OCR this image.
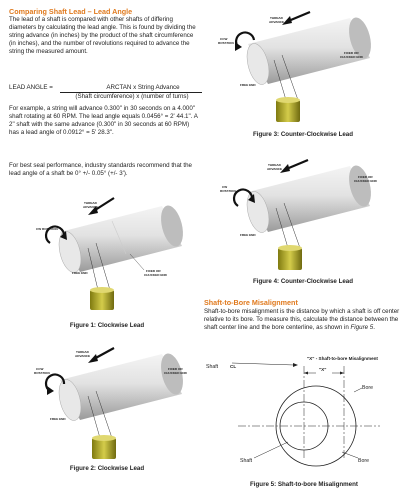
Comparing Shaft Lead – Lead Angle
The lead of a shaft is compared with other shafts of differing diameters by calculating the lead angle. This is found by dividing the string advance (in inches) by the product of the shaft circumference (in inches), and the number of revolutions required to advance the string the measured amount.
LEAD ANGLE =	ARCTAN x String Advance
(Shaft circumference) x (number of turns)
For example, a string will advance 0.300" in 30 seconds on a 4.000" shaft rotating at 60 RPM. The lead angle equals 0.0456° = 2' 44.1". A 2" shaft with the same advance (0.300" in 30 seconds at 60 RPM) has a lead angle of 0.0912° = 5' 28.3".
For best seal performance, industry standards recommend that the lead angle of a shaft be 0° +/- 0.05° (+/- 3').
THREAD
ADVANCE
CW ROTATION
FIXED OR
CHUCKED END
FREE END
Figure 1: Clockwise Lead
THREAD
ADVANCE
CCW
ROTATION
FIXED OR
CHUCKED END
FREE END
Figure 2: Clockwise Lead
THREAD
ADVANCE
CCW
ROTATION
FIXED OR
CHUCKED END
FREE END
Figure 3: Counter-Clockwise Lead
THREAD
ADVANCE
CW
ROTATION
FIXED OR
CHUCKED END
FREE END
Figure 4: Counter-Clockwise Lead
Shaft-to-Bore Misalignment
Shaft-to-bore misalignment is the distance by which a shaft is off center relative to its bore. To measure this, calculate the distance between the shaft center line and the bore centerline, as shown in Figure 5.
"X" - Shaft-to-bore Misalignment
"X"
Shaft	CL
Bore
Shaft	Bore
Figure 5: Shaft-to-bore Misalignment
